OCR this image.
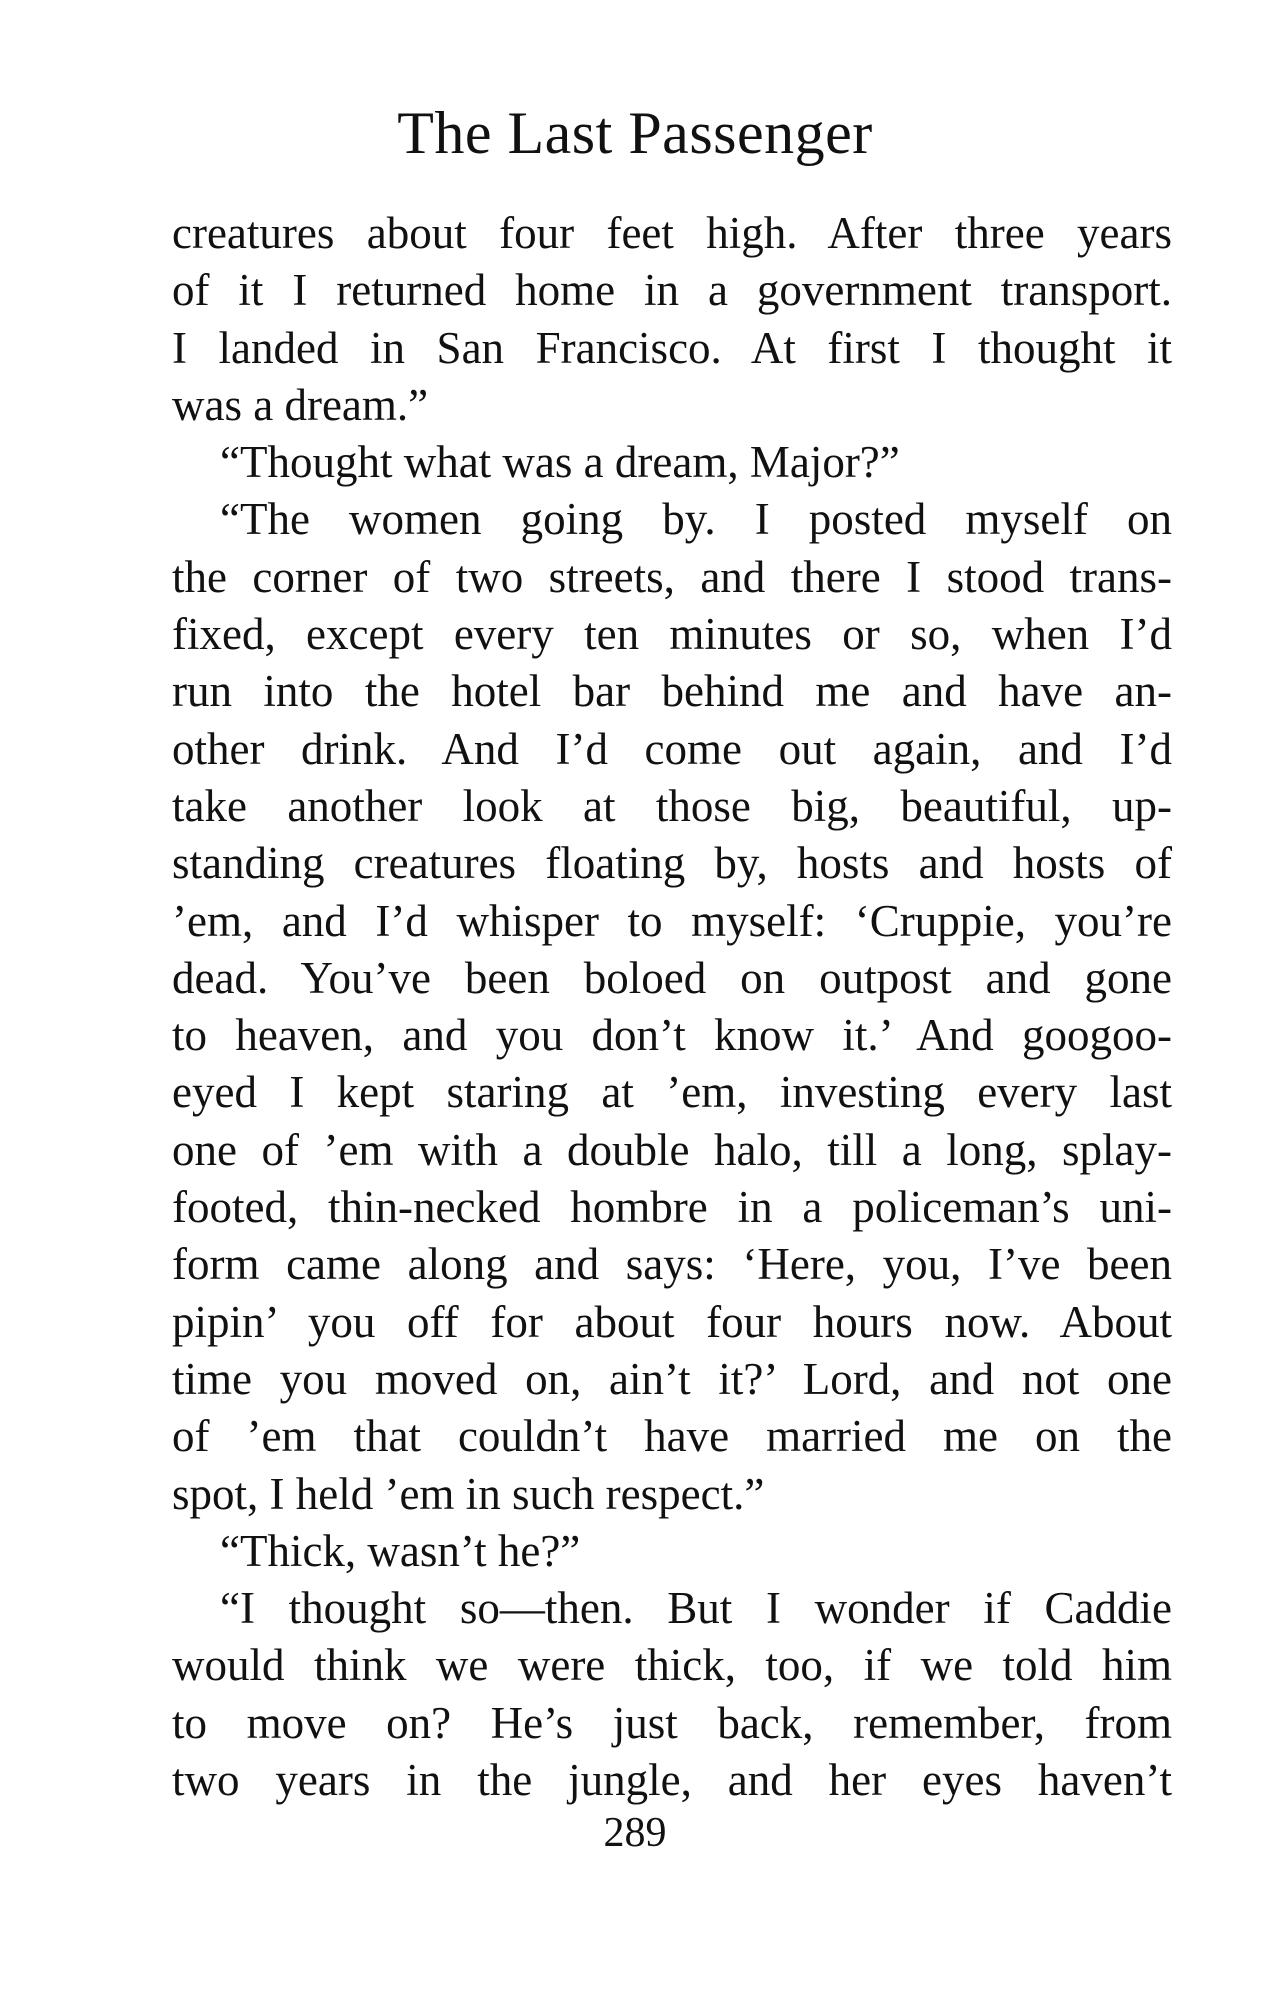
The Last Passenger
creatures about four feet high. After three years
of it I returned home in a government transport.
I landed in San Francisco. At first I thought it
was a dream.”
“Thought what was a dream, Major?”
“The women going by. I posted myself on
the corner of two streets, and there I stood trans-
fixed, except every ten minutes or so, when I’d
run into the hotel bar behind me and have an-
other drink. And I’d come out again, and I’d
take another look at those big, beautiful, up-
standing creatures floating by, hosts and hosts of
’em, and I’d whisper to myself: ‘Cruppie, you’re
dead. You’ve been boloed on outpost and gone
to heaven, and you don’t know it.’ And googoo-
eyed I kept staring at ’em, investing every last
one of ’em with a double halo, till a long, splay-
footed, thin-necked hombre in a policeman’s uni-
form came along and says: ‘Here, you, I’ve been
pipin’ you off for about four hours now. About
time you moved on, ain’t it?’ Lord, and not one
of ’em that couldn’t have married me on the
spot, I held ’em in such respect.”
“Thick, wasn’t he?”
“I thought so—then. But I wonder if Caddie
would think we were thick, too, if we told him
to move on? He’s just back, remember, from
two years in the jungle, and her eyes haven’t
289
